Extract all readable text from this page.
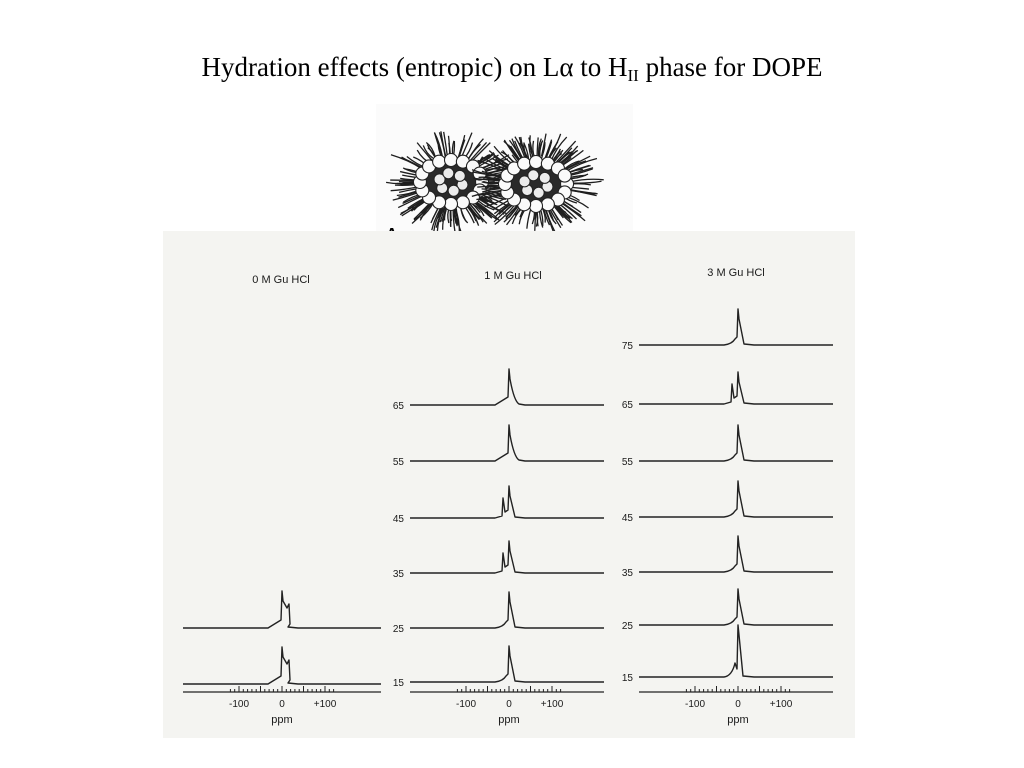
Hydration effects (entropic) on Lα to $H_{II}$ phase for DOPE
0 M Gu HCl
-100	0	+100
ppm
1 M Gu HCl
65
55
45
35
25
15
-100	0	+100
ppm
3 M Gu HCl
75
65
55
45
35
25
15
-100	0	+100
ppm
